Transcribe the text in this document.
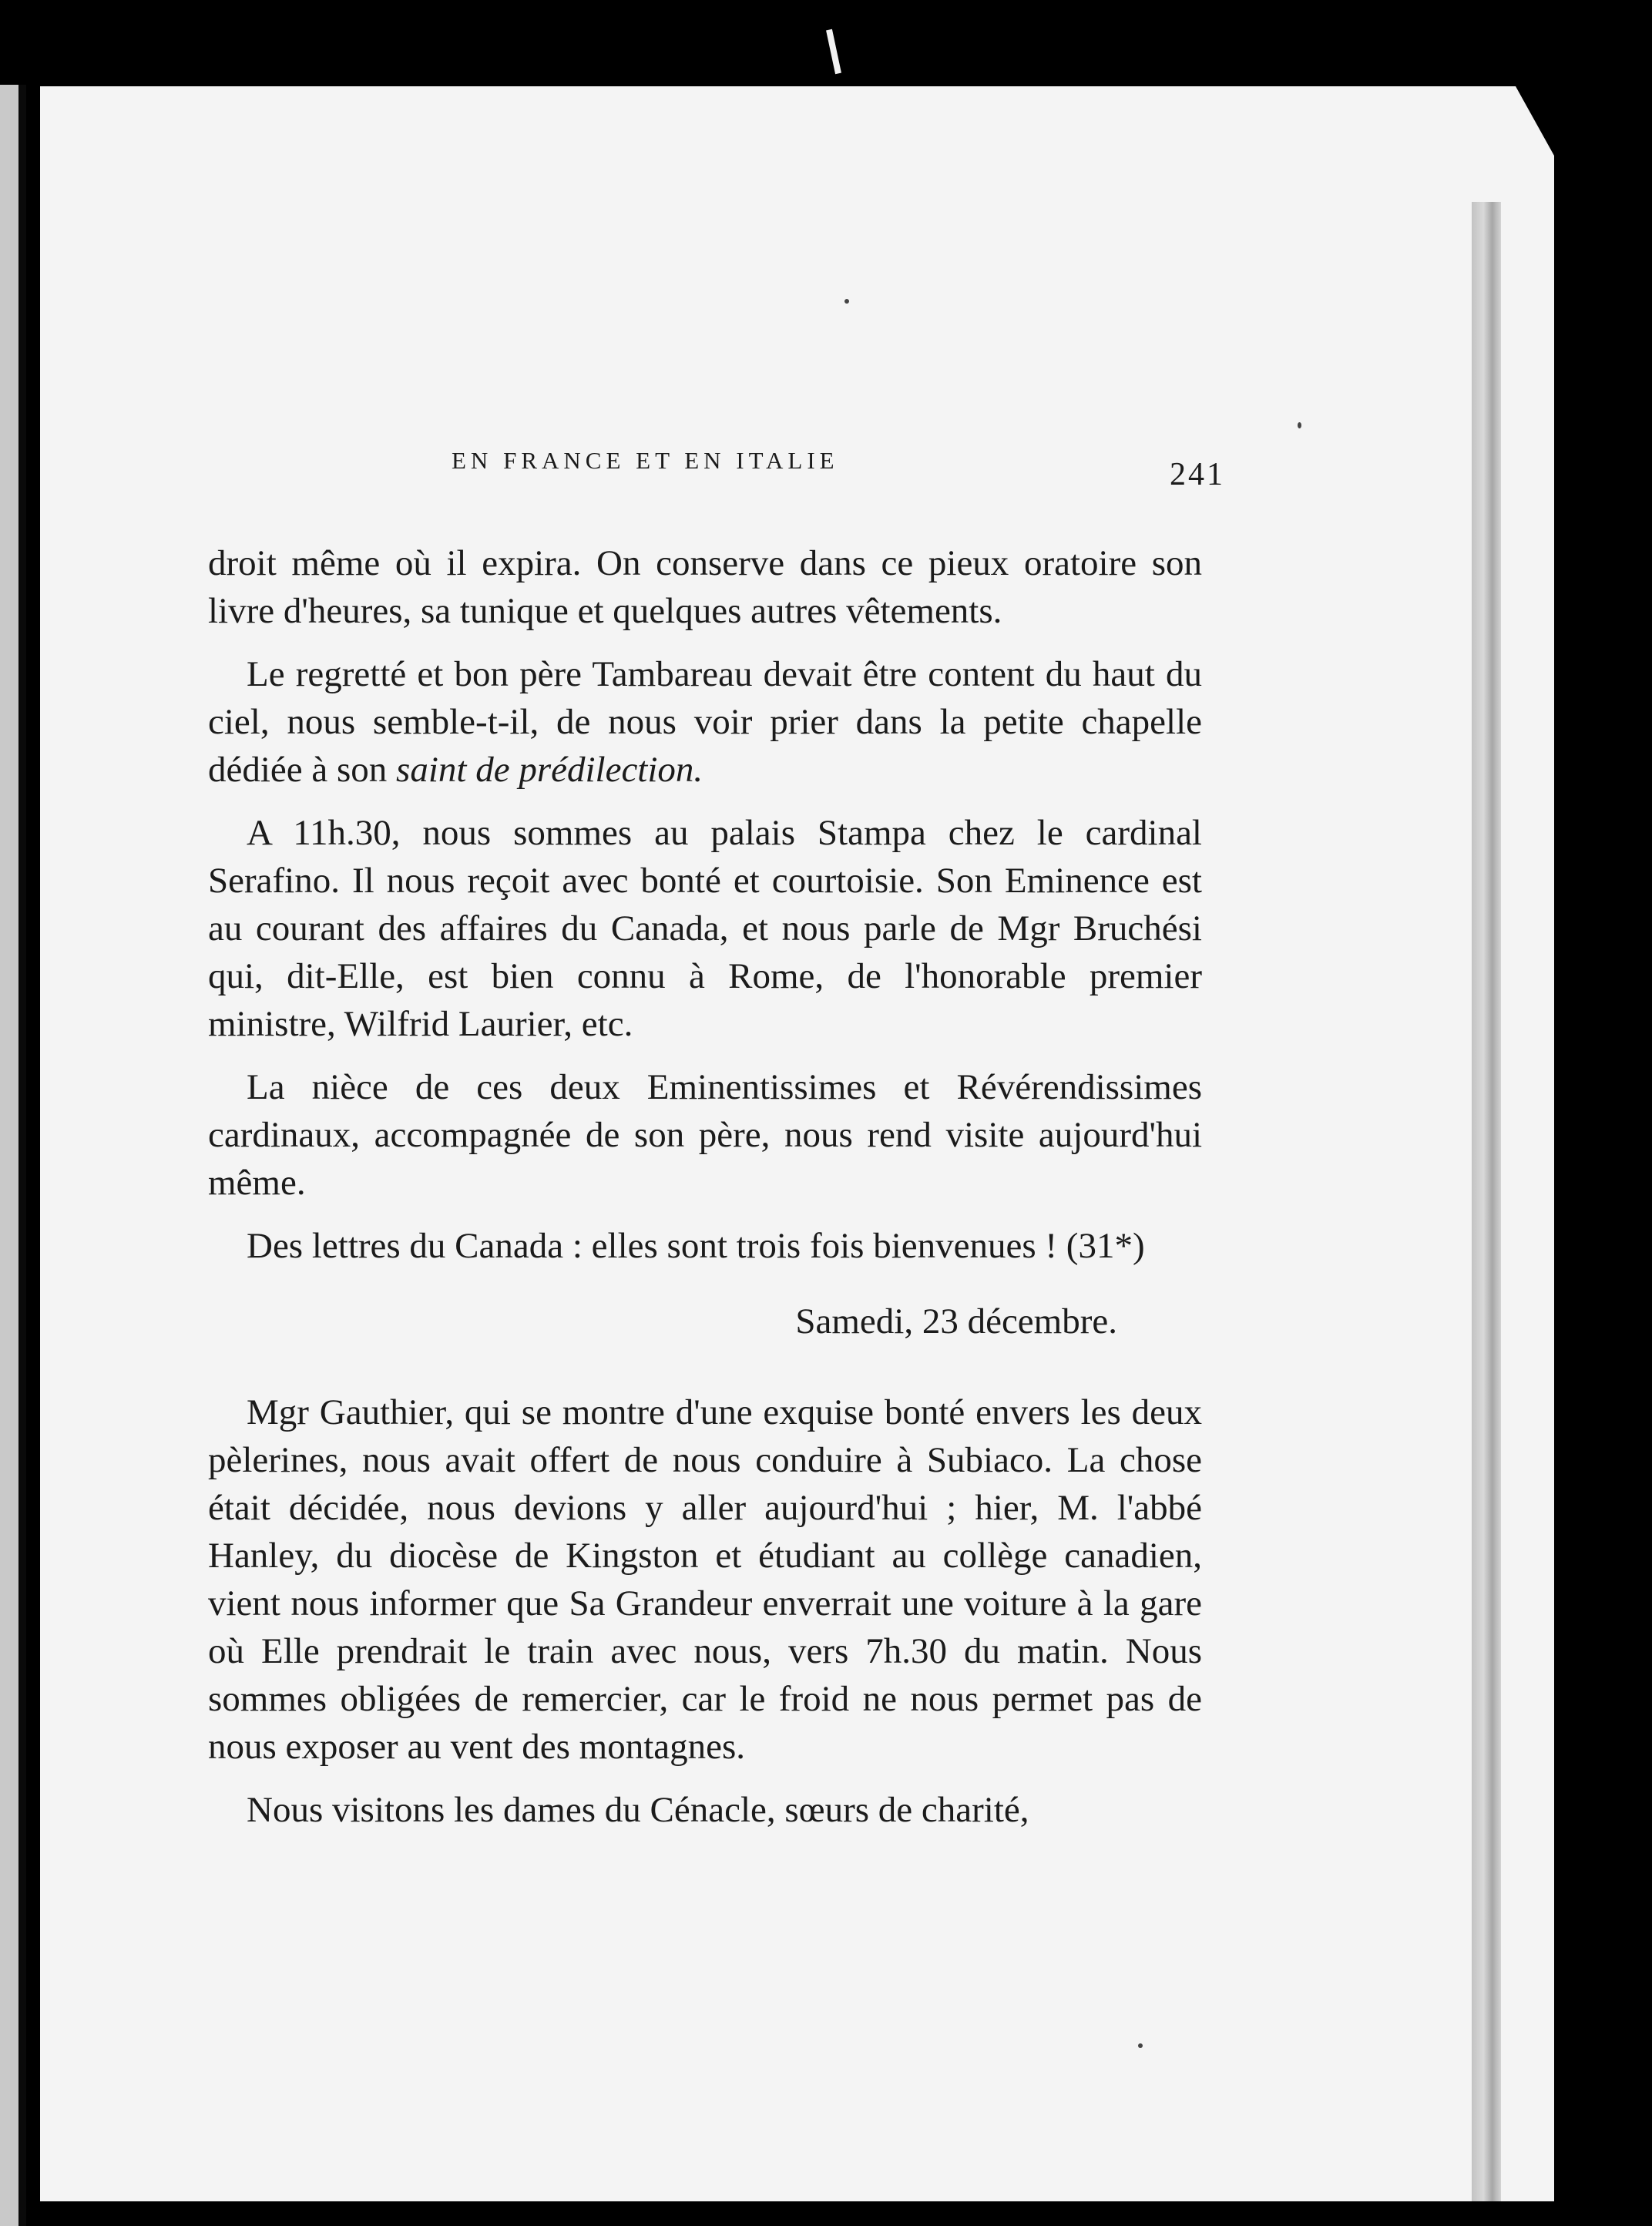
EN FRANCE ET EN ITALIE	241

droit même où il expira. On conserve dans ce pieux oratoire son livre d'heures, sa tunique et quelques autres vêtements.

Le regretté et bon père Tambareau devait être content du haut du ciel, nous semble-t-il, de nous voir prier dans la petite chapelle dédiée à son saint de prédilection.

A 11h.30, nous sommes au palais Stampa chez le cardinal Serafino. Il nous reçoit avec bonté et courtoisie. Son Eminence est au courant des affaires du Canada, et nous parle de Mgr Bruchési qui, dit-Elle, est bien connu à Rome, de l'honorable premier ministre, Wilfrid Laurier, etc.

La nièce de ces deux Eminentissimes et Révérendissimes cardinaux, accompagnée de son père, nous rend visite aujourd'hui même.

Des lettres du Canada : elles sont trois fois bienvenues ! (31*)

Samedi, 23 décembre.

Mgr Gauthier, qui se montre d'une exquise bonté envers les deux pèlerines, nous avait offert de nous conduire à Subiaco. La chose était décidée, nous devions y aller aujourd'hui ; hier, M. l'abbé Hanley, du diocèse de Kingston et étudiant au collège canadien, vient nous informer que Sa Grandeur enverrait une voiture à la gare où Elle prendrait le train avec nous, vers 7h.30 du matin. Nous sommes obligées de remercier, car le froid ne nous permet pas de nous exposer au vent des montagnes.

Nous visitons les dames du Cénacle, sœurs de charité,
